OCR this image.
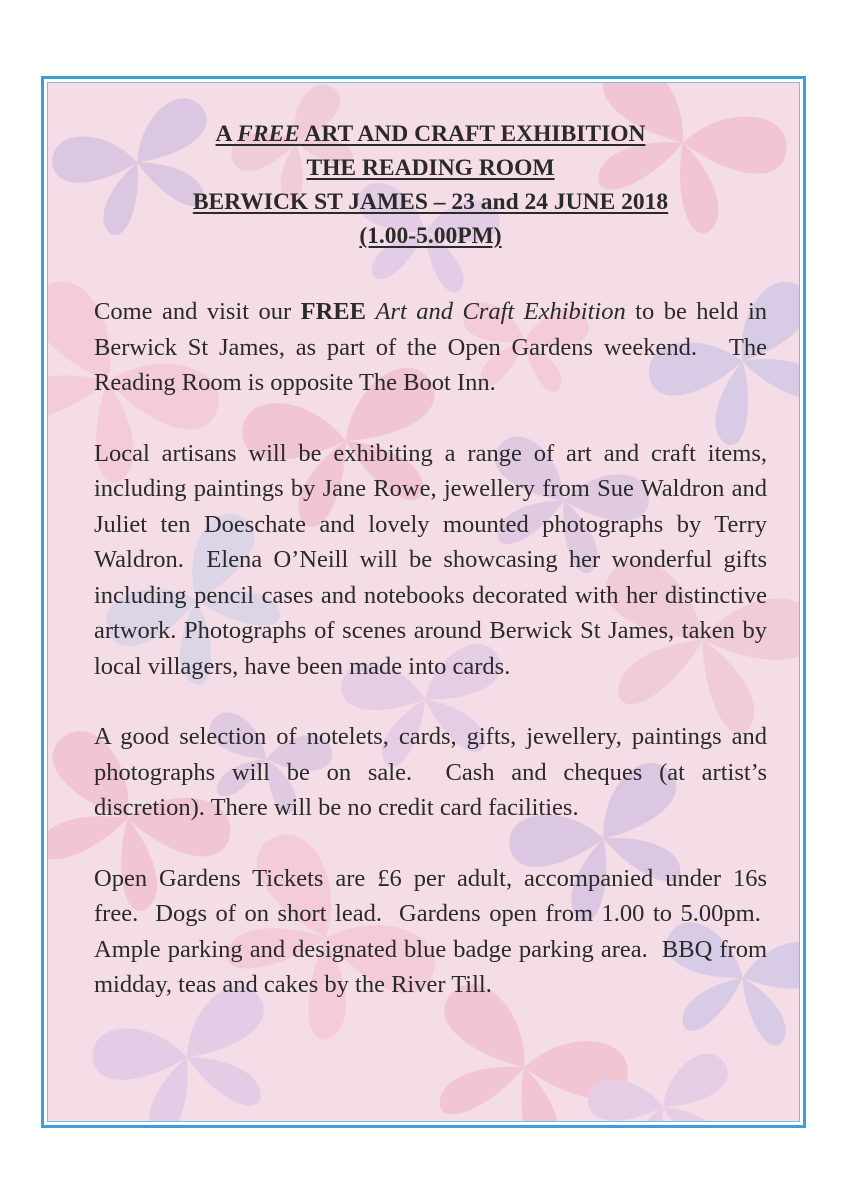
A FREE ART AND CRAFT EXHIBITION
THE READING ROOM
BERWICK ST JAMES – 23 and 24 JUNE 2018
(1.00-5.00PM)

Come and visit our FREE Art and Craft Exhibition to be held in Berwick St James, as part of the Open Gardens weekend.   The Reading Room is opposite The Boot Inn.

Local artisans will be exhibiting a range of art and craft items, including paintings by Jane Rowe, jewellery from Sue Waldron and Juliet ten Doeschate and lovely mounted photographs by Terry Waldron.  Elena O’Neill will be showcasing her wonderful gifts including pencil cases and notebooks decorated with her distinctive artwork. Photographs of scenes around Berwick St James, taken by local villagers, have been made into cards.

A good selection of notelets, cards, gifts, jewellery, paintings and photographs will be on sale.  Cash and cheques (at artist’s discretion). There will be no credit card facilities.

Open Gardens Tickets are £6 per adult, accompanied under 16s free.  Dogs of on short lead.  Gardens open from 1.00 to 5.00pm.  Ample parking and designated blue badge parking area.  BBQ from midday, teas and cakes by the River Till.
